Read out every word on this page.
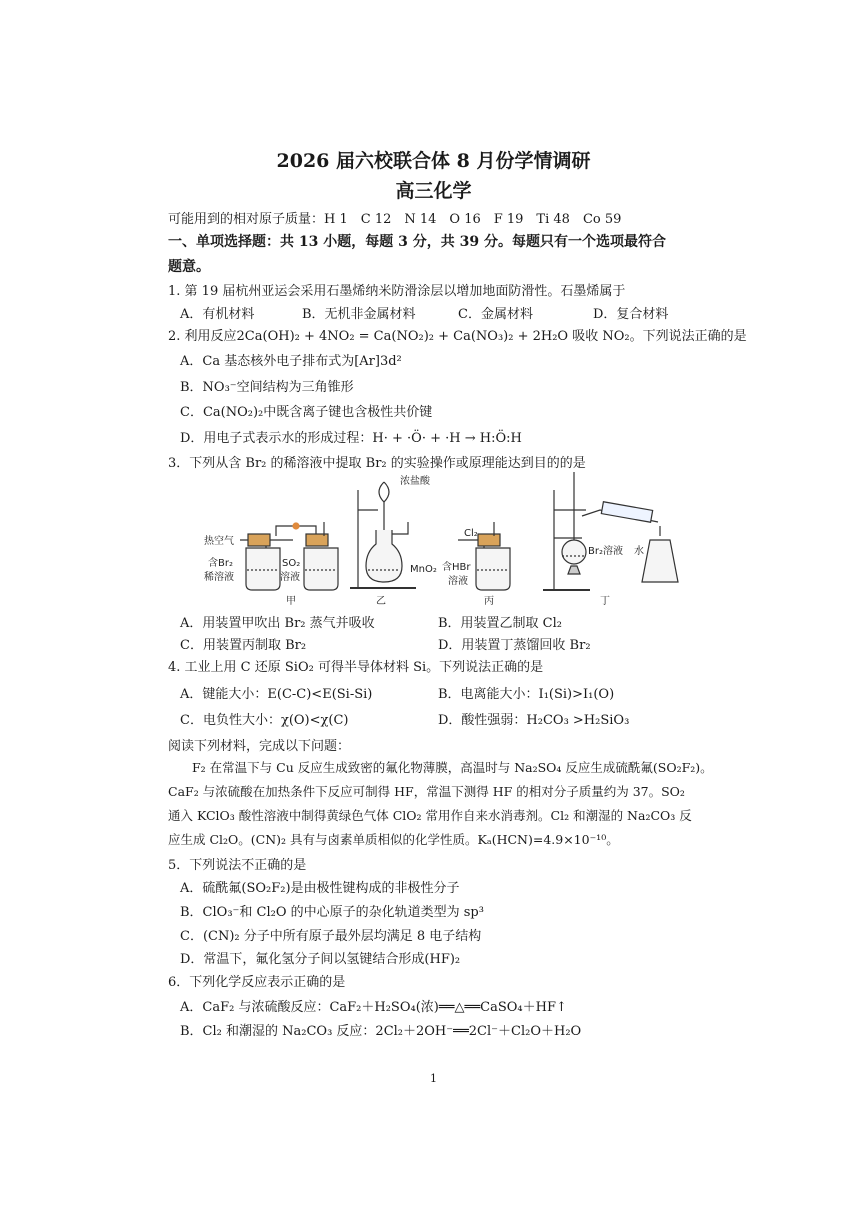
2026 届六校联合体 8 月份学情调研
高三化学
可能用到的相对原子质量：H 1　C 12　N 14　O 16　F 19　Ti 48　Co 59
一、单项选择题：共 13 小题，每题 3 分，共 39 分。每题只有一个选项最符合
题意。
1. 第 19 届杭州亚运会采用石墨烯纳米防滑涂层以增加地面防滑性。石墨烯属于
A．有机材料	B．无机非金属材料	C．金属材料	D．复合材料
2. 利用反应2Ca(OH)₂ + 4NO₂ = Ca(NO₂)₂ + Ca(NO₃)₂ + 2H₂O 吸收 NO₂。下列说法正确的是
A．Ca 基态核外电子排布式为[Ar]3d²
B．NO₃⁻空间结构为三角锥形
C．Ca(NO₂)₂中既含离子键也含极性共价键
D．用电子式表示水的形成过程：H· + ·Ö· + ·H → H:Ö:H
3．下列从含 Br₂ 的稀溶液中提取 Br₂ 的实验操作或原理能达到目的的是
热空气
含Br₂
稀溶液
SO₂
溶液
甲
浓盐酸
MnO₂
乙
Cl₂
含HBr
溶液
丙
Br₂溶液 水
丁
A．用装置甲吹出 Br₂ 蒸气并吸收	B．用装置乙制取 Cl₂
C．用装置丙制取 Br₂	D．用装置丁蒸馏回收 Br₂
4. 工业上用 C 还原 SiO₂ 可得半导体材料 Si。下列说法正确的是
A．键能大小：E(C-C)<E(Si-Si)	B．电离能大小：I₁(Si)>I₁(O)
C．电负性大小：χ(O)<χ(C)	D．酸性强弱：H₂CO₃ >H₂SiO₃
阅读下列材料，完成以下问题：
F₂ 在常温下与 Cu 反应生成致密的氟化物薄膜，高温时与 Na₂SO₄ 反应生成硫酰氟(SO₂F₂)。
CaF₂ 与浓硫酸在加热条件下反应可制得 HF，常温下测得 HF 的相对分子质量约为 37。SO₂
通入 KClO₃ 酸性溶液中制得黄绿色气体 ClO₂ 常用作自来水消毒剂。Cl₂ 和潮湿的 Na₂CO₃ 反
应生成 Cl₂O。(CN)₂ 具有与卤素单质相似的化学性质。Kₐ(HCN)=4.9×10⁻¹⁰。
5．下列说法不正确的是
A．硫酰氟(SO₂F₂)是由极性键构成的非极性分子
B．ClO₃⁻和 Cl₂O 的中心原子的杂化轨道类型为 sp³
C．(CN)₂ 分子中所有原子最外层均满足 8 电子结构
D．常温下，氟化氢分子间以氢键结合形成(HF)₂
6．下列化学反应表示正确的是
A．CaF₂ 与浓硫酸反应：CaF₂＋H₂SO₄(浓)══△══CaSO₄＋HF↑
B．Cl₂ 和潮湿的 Na₂CO₃ 反应：2Cl₂＋2OH⁻══2Cl⁻＋Cl₂O＋H₂O
1
